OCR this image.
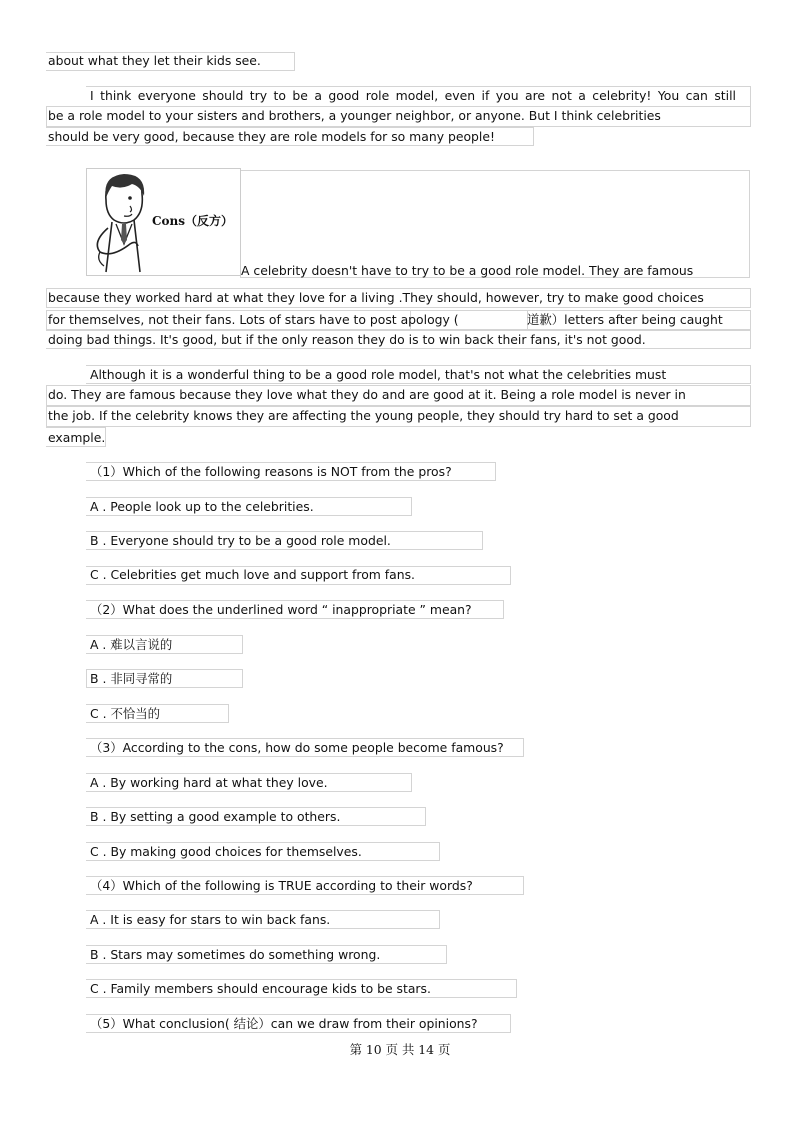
about what they let their kids see.
I think everyone should try to be a good role model, even if you are not a celebrity! You can still
be a role model to your sisters and brothers, a younger neighbor, or anyone. But I think celebrities
should be very good, because they are role models for so many people!
Cons（反方）
A celebrity doesn't have to try to be a good role model. They are famous
because they worked hard at what they love for a living .They should, however, try to make good choices
for themselves, not their fans. Lots of stars have to post apology (	道歉）letters after being caught
doing bad things. It's good, but if the only reason they do is to win back their fans, it's not good.
Although it is a wonderful thing to be a good role model, that's not what the celebrities must
do. They are famous because they love what they do and are good at it. Being a role model is never in
the job. If the celebrity knows they are affecting the young people, they should try hard to set a good
example.
（1）Which of the following reasons is NOT from the pros?
A . People look up to the celebrities.
B . Everyone should try to be a good role model.
C . Celebrities get much love and support from fans.
（2）What does the underlined word “ inappropriate ” mean?
A . 难以言说的
B . 非同寻常的
C . 不恰当的
（3）According to the cons, how do some people become famous?
A . By working hard at what they love.
B . By setting a good example to others.
C . By making good choices for themselves.
（4）Which of the following is TRUE according to their words?
A . It is easy for stars to win back fans.
B . Stars may sometimes do something wrong.
C . Family members should encourage kids to be stars.
（5）What conclusion( 结论）can we draw from their opinions?
第 10 页 共 14 页
